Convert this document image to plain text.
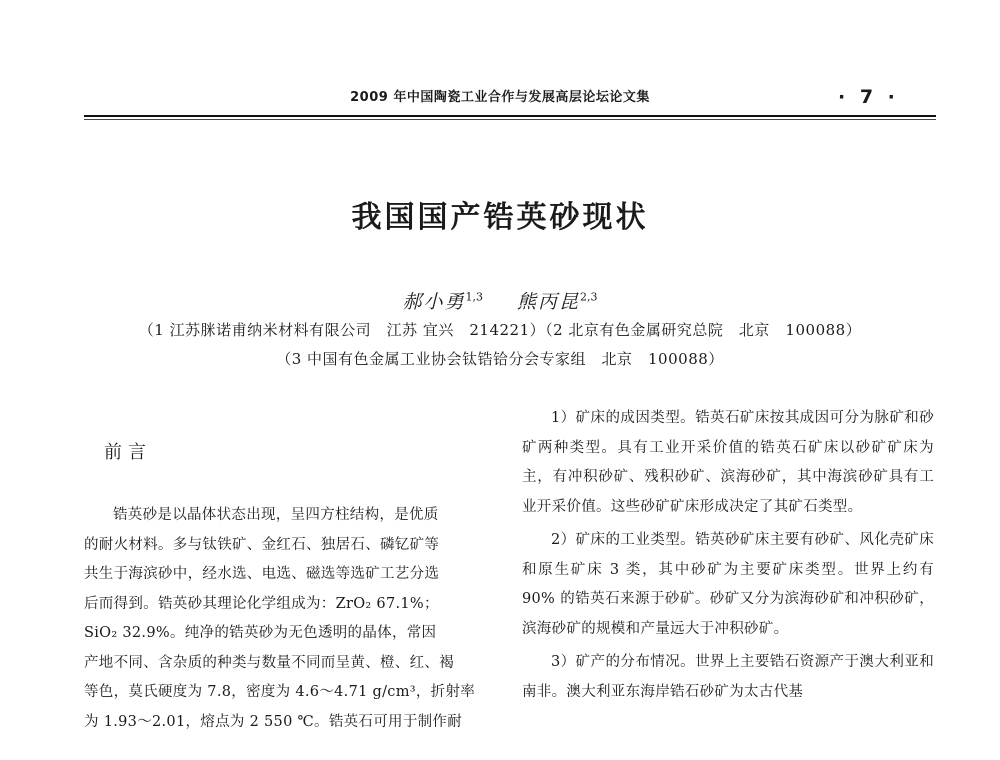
2009 年中国陶瓷工业合作与发展高层论坛论文集	· 7 ·
我国国产锆英砂现状
郝小勇$^{1,3}$ 熊丙昆$^{2,3}$
（1 江苏脒诺甫纳米材料有限公司　江苏 宜兴　214221）（2 北京有色金属研究总院　北京　100088）
（3 中国有色金属工业协会钛锆铪分会专家组　北京　100088）
前言
锆英砂是以晶体状态出现，呈四方柱结构，是优质
的耐火材料。多与钛铁矿、金红石、独居石、磷钇矿等
共生于海滨砂中，经水选、电选、磁选等选矿工艺分选
后而得到。锆英砂其理论化学组成为：ZrO₂ 67.1%；
SiO₂ 32.9%。纯净的锆英砂为无色透明的晶体，常因
产地不同、含杂质的种类与数量不同而呈黄、橙、红、褐
等色，莫氏硬度为 7.8，密度为 4.6～4.71 g/cm³，折射率
为 1.93～2.01，熔点为 2 550 ℃。锆英石可用于制作耐

1）矿床的成因类型。锆英石矿床按其成因可分为脉矿和砂矿两种类型。具有工业开采价值的锆英石矿床以砂矿矿床为主，有冲积砂矿、残积砂矿、滨海砂矿，其中海滨砂矿具有工业开采价值。这些砂矿矿床形成决定了其矿石类型。

2）矿床的工业类型。锆英砂矿床主要有砂矿、风化壳矿床和原生矿床 3 类，其中砂矿为主要矿床类型。世界上约有 90% 的锆英石来源于砂矿。砂矿又分为滨海砂矿和冲积砂矿，滨海砂矿的规模和产量远大于冲积砂矿。

3）矿产的分布情况。世界上主要锆石资源产于澳大利亚和南非。澳大利亚东海岸锆石砂矿为太古代基
